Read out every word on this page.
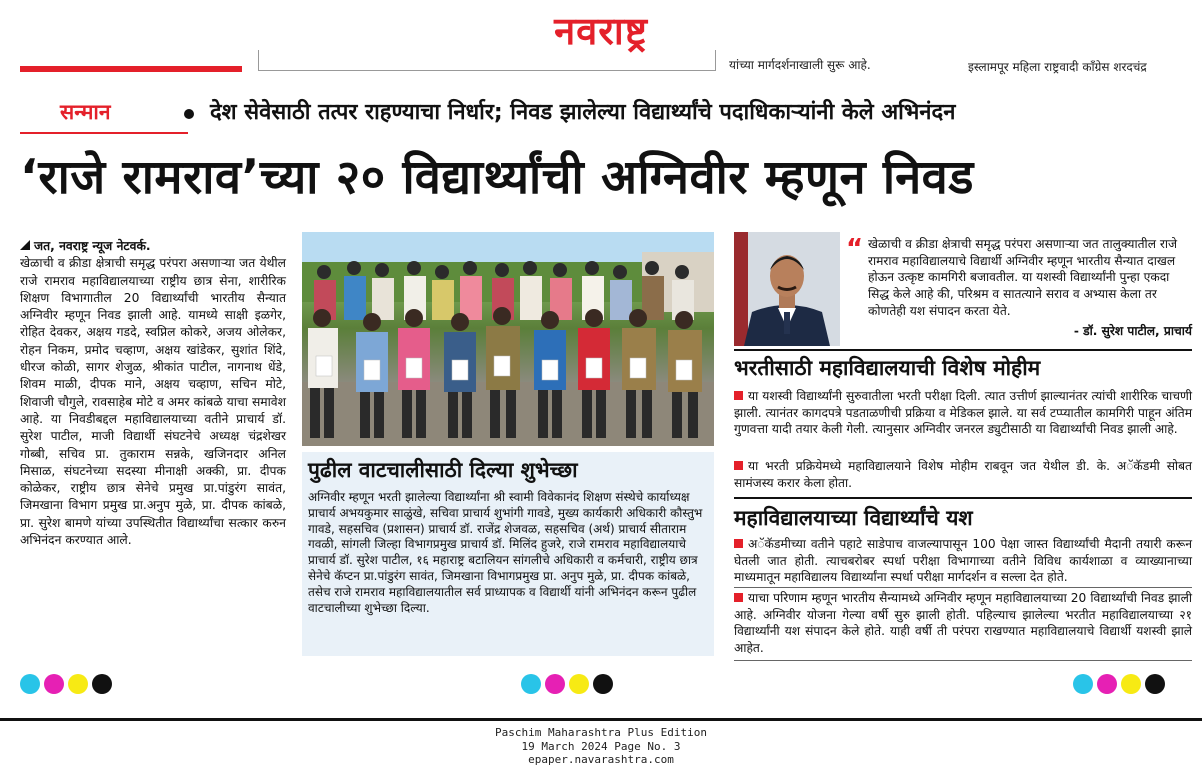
नवराष्ट्र
यांच्या मार्गदर्शनाखाली सुरू आहे.	इस्लामपूर महिला राष्ट्रवादी काँग्रेस शरदचंद्र
सन्मान	देश सेवेसाठी तत्पर राहण्याचा निर्धार; निवड झालेल्या विद्यार्थ्यांचे पदाधिकाऱ्यांनी केले अभिनंदन
‘राजे रामराव’च्या २० विद्यार्थ्यांची अग्निवीर म्हणून निवड
जत, नवराष्ट्र न्यूज नेटवर्क.
खेळाची व क्रीडा क्षेत्राची समृद्ध परंपरा असणाऱ्या जत येथील राजे रामराव महाविद्यालयाच्या राष्ट्रीय छात्र सेना, शारीरिक शिक्षण विभागातील 20 विद्यार्थ्यांची भारतीय सैन्यात अग्निवीर म्हणून निवड झाली आहे. यामध्ये साक्षी इळगेर, रोहित देवकर, अक्षय गडदे, स्वप्निल कोकरे, अजय ओलेकर, रोहन निकम, प्रमोद चव्हाण, अक्षय खांडेकर, सुशांत शिंदे, धीरज कोळी, सागर शेजुळ, श्रीकांत पाटील, नागनाथ धेंडे, शिवम माळी, दीपक माने, अक्षय चव्हाण, सचिन मोटे, शिवाजी चौगुले, रावसाहेब मोटे व अमर कांबळे याचा समावेश आहे. या निवडीबद्दल महाविद्यालयाच्या वतीने प्राचार्य डॉ. सुरेश पाटील, माजी विद्यार्थी संघटनेचे अध्यक्ष चंद्रशेखर गोब्बी, सचिव प्रा. तुकाराम सन्नके, खजिनदार अनिल मिसाळ, संघटनेच्या सदस्या मीनाक्षी अक्की, प्रा. दीपक कोळेकर, राष्ट्रीय छात्र सेनेचे प्रमुख प्रा.पांडुरंग सावंत, जिमखाना विभाग प्रमुख प्रा.अनुप मुळे, प्रा. दीपक कांबळे, प्रा. सुरेश बामणे यांच्या उपस्थितीत विद्यार्थ्यांचा सत्कार करुन अभिनंदन करण्यात आले.
पुढील वाटचालीसाठी दिल्या शुभेच्छा
अग्निवीर म्हणून भरती झालेल्या विद्यार्थ्यांना श्री स्वामी विवेकानंद शिक्षण संस्थेचे कार्याध्यक्ष प्राचार्य अभयकुमार साळुंखे, सचिवा प्राचार्य शुभांगी गावडे, मुख्य कार्यकारी अधिकारी कौस्तुभ गावडे, सहसचिव (प्रशासन) प्राचार्य डॉ. राजेंद्र शेजवळ, सहसचिव (अर्थ) प्राचार्य सीताराम गवळी, सांगली जिल्हा विभागप्रमुख प्राचार्य डॉ. मिलिंद हुजरे, राजे रामराव महाविद्यालयाचे प्राचार्य डॉ. सुरेश पाटील, १६ महाराष्ट्र बटालियन सांगलीचे अधिकारी व कर्मचारी, राष्ट्रीय छात्र सेनेचे कॅप्टन प्रा.पांडुरंग सावंत, जिमखाना विभागप्रमुख प्रा. अनुप मुळे, प्रा. दीपक कांबळे, तसेच राजे रामराव महाविद्यालयातील सर्व प्राध्यापक व विद्यार्थी यांनी अभिनंदन करून पुढील वाटचालीच्या शुभेच्छा दिल्या.
“ खेळाची व क्रीडा क्षेत्राची समृद्ध परंपरा असणाऱ्या जत तालुक्यातील राजे रामराव महाविद्यालयाचे विद्यार्थी अग्निवीर म्हणून भारतीय सैन्यात दाखल होऊन उत्कृष्ट कामगिरी बजावतील. या यशस्वी विद्यार्थ्यांनी पुन्हा एकदा सिद्ध केले आहे की, परिश्रम व सातत्याने सराव व अभ्यास केला तर कोणतेही यश संपादन करता येते.
- डॉ. सुरेश पाटील, प्राचार्य
भरतीसाठी महाविद्यालयाची विशेष मोहीम
या यशस्वी विद्यार्थ्यांनी सुरुवातीला भरती परीक्षा दिली. त्यात उत्तीर्ण झाल्यानंतर त्यांची शारीरिक चाचणी झाली. त्यानंतर कागदपत्रे पडताळणीची प्रक्रिया व मेडिकल झाले. या सर्व टप्प्यातील कामगिरी पाहून अंतिम गुणवत्ता यादी तयार केली गेली. त्यानुसार अग्निवीर जनरल ड्युटीसाठी या विद्यार्थ्यांची निवड झाली आहे.
या भरती प्रक्रियेमध्ये महाविद्यालयाने विशेष मोहीम राबवून जत येथील डी. के. अॅकॅडमी सोबत सामंजस्य करार केला होता.
महाविद्यालयाच्या विद्यार्थ्यांचे यश
अॅकॅडमीच्या वतीने पहाटे साडेपाच वाजल्यापासून 100 पेक्षा जास्त विद्यार्थ्यांची मैदानी तयारी करून घेतली जात होती. त्याचबरोबर स्पर्धा परीक्षा विभागाच्या वतीने विविध कार्यशाळा व व्याख्यानाच्या माध्यमातून महाविद्यालय विद्यार्थ्यांना स्पर्धा परीक्षा मार्गदर्शन व सल्ला देत होते.
याचा परिणाम म्हणून भारतीय सैन्यामध्ये अग्निवीर म्हणून महाविद्यालयाच्या 20 विद्यार्थ्यांची निवड झाली आहे. अग्निवीर योजना गेल्या वर्षी सुरु झाली होती. पहिल्याच झालेल्या भरतीत महाविद्यालयाच्या २१ विद्यार्थ्यांनी यश संपादन केले होते. याही वर्षी ती परंपरा राखण्यात महाविद्यालयाचे विद्यार्थी यशस्वी झाले आहेत.
Paschim Maharashtra Plus Edition
19 March 2024 Page No. 3
epaper.navarashtra.com
